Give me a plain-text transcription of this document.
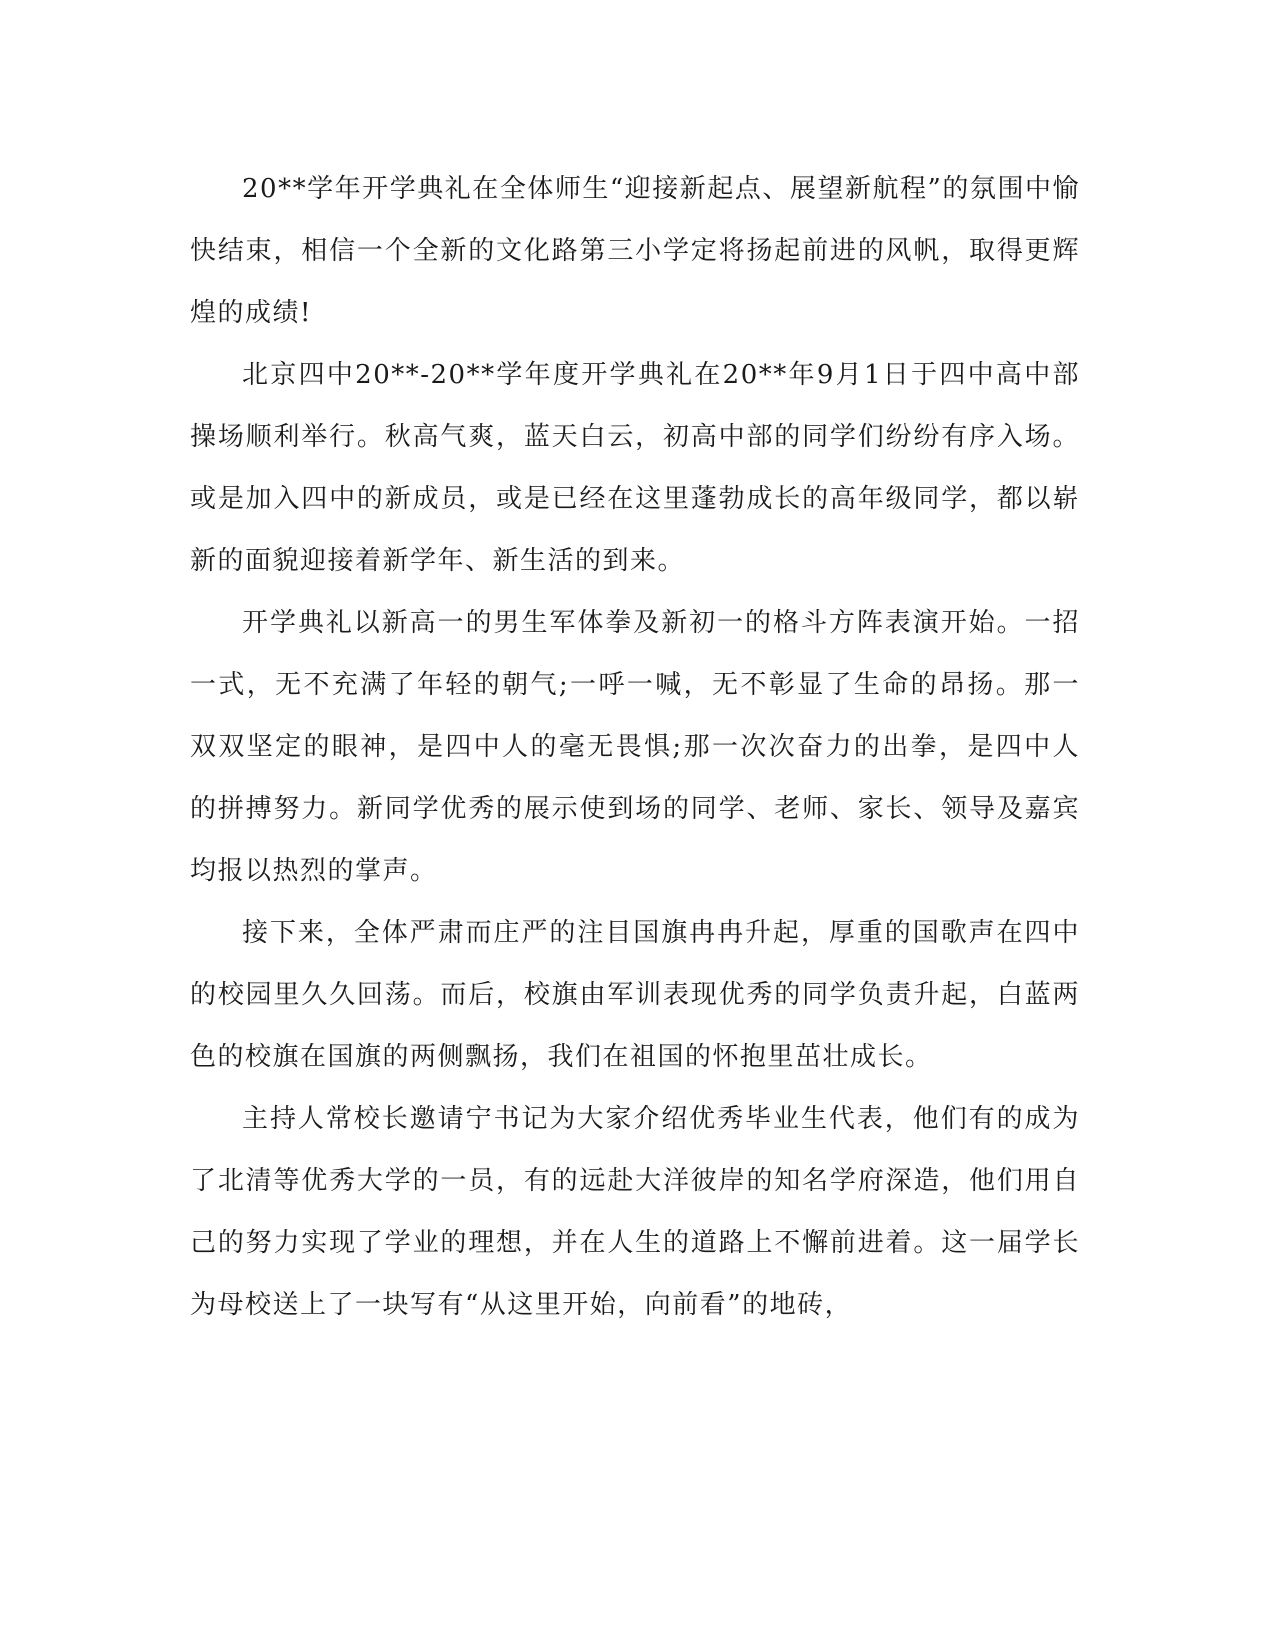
20**学年开学典礼在全体师生“迎接新起点、展望新航程”的氛围中愉快结束，相信一个全新的文化路第三小学定将扬起前进的风帆，取得更辉煌的成绩!

北京四中20**-20**学年度开学典礼在20**年9月1日于四中高中部操场顺利举行。秋高气爽，蓝天白云，初高中部的同学们纷纷有序入场。或是加入四中的新成员，或是已经在这里蓬勃成长的高年级同学，都以崭新的面貌迎接着新学年、新生活的到来。

开学典礼以新高一的男生军体拳及新初一的格斗方阵表演开始。一招一式，无不充满了年轻的朝气;一呼一喊，无不彰显了生命的昂扬。那一双双坚定的眼神，是四中人的毫无畏惧;那一次次奋力的出拳，是四中人的拼搏努力。新同学优秀的展示使到场的同学、老师、家长、领导及嘉宾均报以热烈的掌声。

接下来，全体严肃而庄严的注目国旗冉冉升起，厚重的国歌声在四中的校园里久久回荡。而后，校旗由军训表现优秀的同学负责升起，白蓝两色的校旗在国旗的两侧飘扬，我们在祖国的怀抱里茁壮成长。

主持人常校长邀请宁书记为大家介绍优秀毕业生代表，他们有的成为了北清等优秀大学的一员，有的远赴大洋彼岸的知名学府深造，他们用自己的努力实现了学业的理想，并在人生的道路上不懈前进着。这一届学长为母校送上了一块写有“从这里开始，向前看”的地砖，
